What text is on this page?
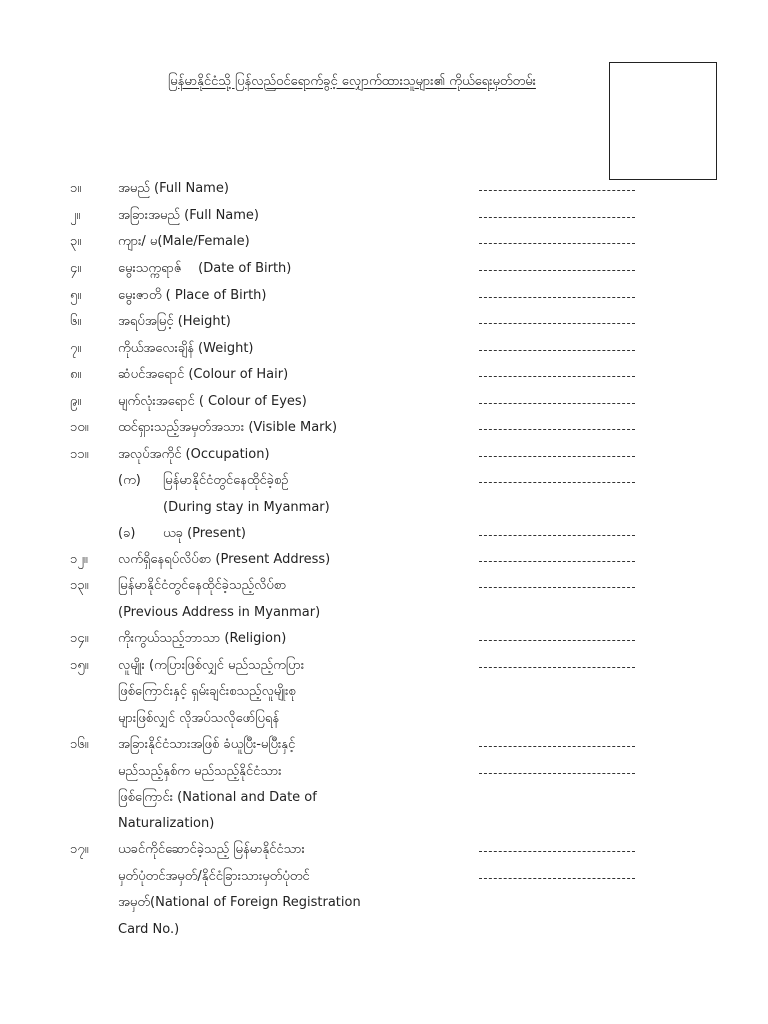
မြန်မာနိုင်ငံသို့ ပြန်လည်ဝင်ရောက်ခွင့် လျှောက်ထားသူများ၏ ကိုယ်ရေးမှတ်တမ်း
၁။	အမည် (Full Name)
၂။	အခြားအမည် (Full Name)
၃။	ကျား/ မ(Male/Female)
၄။	မွေးသက္ကရာဇ်    (Date of Birth)
၅။	မွေးဇာတိ ( Place of Birth)
၆။	အရပ်အမြင့် (Height)
၇။	ကိုယ်အလေးချိန် (Weight)
၈။	ဆံပင်အရောင် (Colour of Hair)
၉။	မျက်လုံးအရောင် ( Colour of Eyes)
၁၀။ ထင်ရှားသည့်အမှတ်အသား (Visible Mark)
၁၁။ အလုပ်အကိုင် (Occupation)
(က) မြန်မာနိုင်ငံတွင်နေထိုင်ခဲ့စဉ်
(During stay in Myanmar)
(ခ) ယခု (Present)
၁၂။ လက်ရှိနေရပ်လိပ်စာ (Present Address)
၁၃။ မြန်မာနိုင်ငံတွင်နေထိုင်ခဲ့သည့်လိပ်စာ
(Previous Address in Myanmar)
၁၄။ ကိုးကွယ်သည့်ဘာသာ (Religion)
၁၅။ လူမျိုး (ကပြားဖြစ်လျှင် မည်သည့်ကပြား
ဖြစ်ကြောင်းနှင့် ရှမ်းချင်းစသည့်လူမျိုးစု
များဖြစ်လျှင် လိုအပ်သလိုဖော်ပြရန်
၁၆။ အခြားနိုင်ငံသားအဖြစ် ခံယူပြီး-မပြီးနှင့်
မည်သည့်နှစ်က မည်သည့်နိုင်ငံသား
ဖြစ်ကြောင်း (National and Date of
Naturalization)
၁၇။ ယခင်ကိုင်ဆောင်ခဲ့သည့် မြန်မာနိုင်ငံသား
မှတ်ပုံတင်အမှတ်/နိုင်ငံခြားသားမှတ်ပုံတင်
အမှတ်(National of Foreign Registration
Card No.)
